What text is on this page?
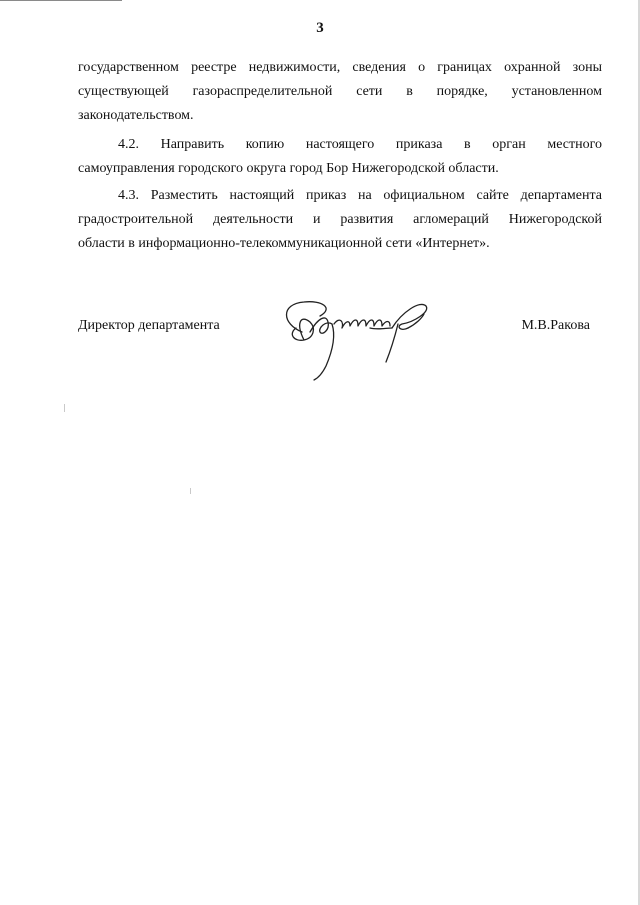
3
государственном реестре недвижимости, сведения о границах охранной зоны
существующей газораспределительной сети в порядке, установленном
законодательством.
4.2. Направить копию настоящего приказа в орган местного
самоуправления городского округа город Бор Нижегородской области.
4.3. Разместить настоящий приказ на официальном сайте департамента
градостроительной деятельности и развития агломераций Нижегородской
области в информационно-телекоммуникационной сети «Интернет».
Директор департамента	М.В.Ракова
